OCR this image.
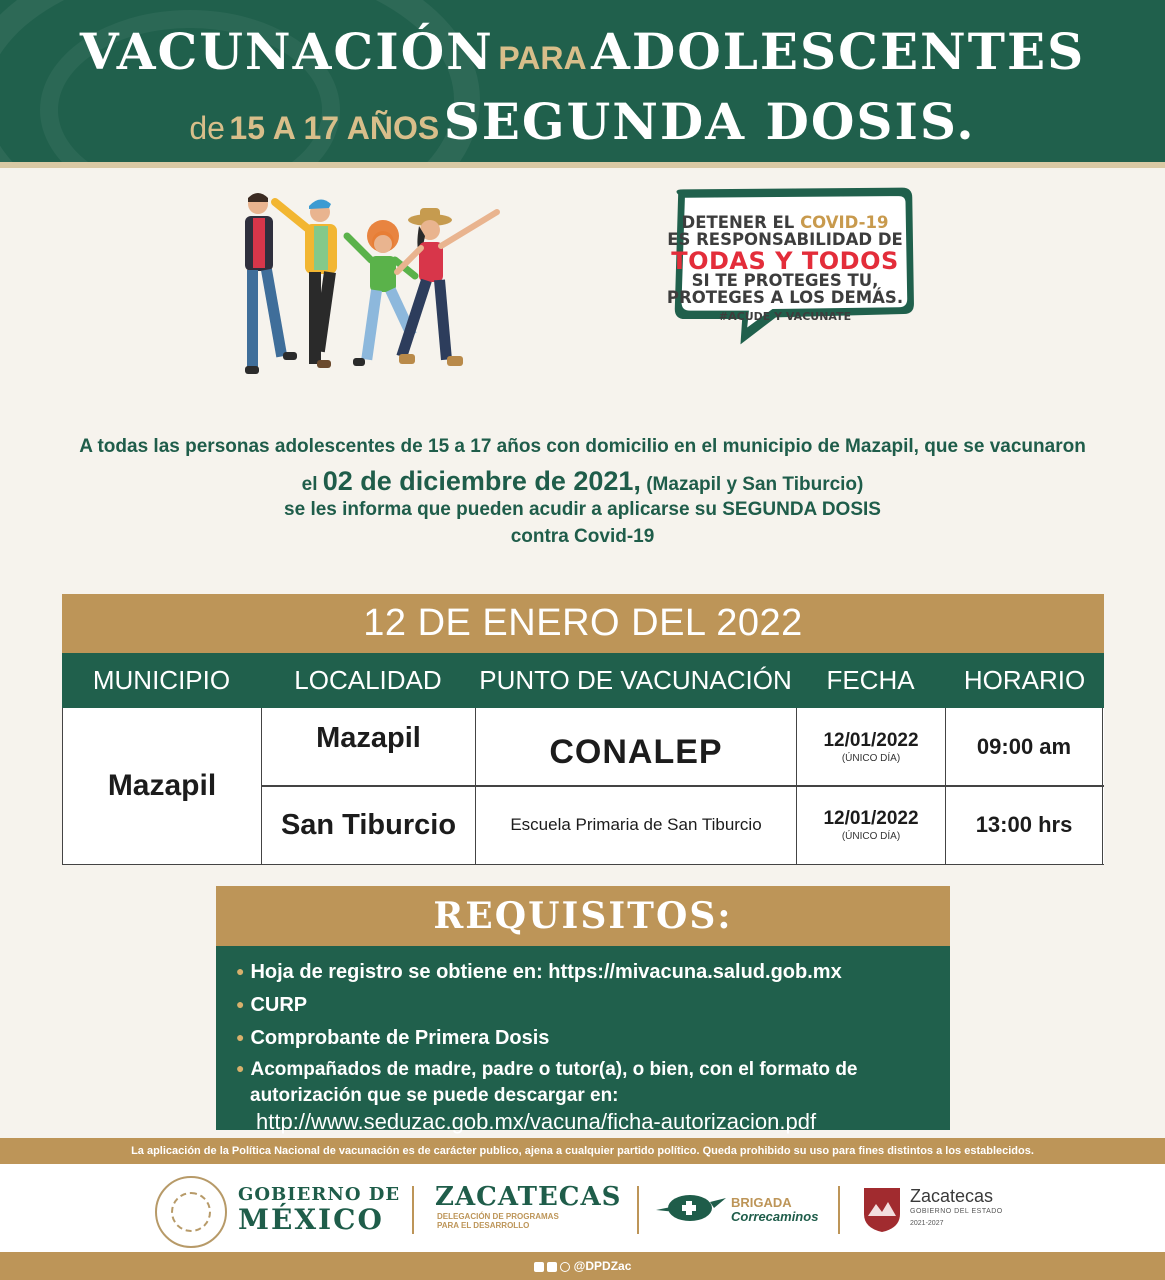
VACUNACIÓN PARA ADOLESCENTES
de 15 A 17 AÑOS SEGUNDA DOSIS.
DETENER EL COVID-19
ES RESPONSABILIDAD DE
TODAS Y TODOS
SI TE PROTEGES TU,
PROTEGES A LOS DEMÁS.
#ACUDE Y VACUNATE

A todas las personas adolescentes de 15 a 17 años con domicilio en el municipio de Mazapil, que se vacunaron

el 02 de diciembre de 2021, (Mazapil y San Tiburcio)

se les informa que pueden acudir a aplicarse su SEGUNDA DOSIS

contra Covid-19

12 DE ENERO DEL 2022
MUNICIPIO	LOCALIDAD	PUNTO DE VACUNACIÓN	FECHA	HORARIO
Mazapil
Mazapil	CONALEP	12/01/2022
(ÚNICO DÍA)	09:00 am
San Tiburcio	Escuela Primaria de San Tiburcio	12/01/2022
(ÚNICO DÍA)	13:00 hrs
REQUISITOS:
● Hoja de registro se obtiene en: https://mivacuna.salud.gob.mx
● CURP
● Comprobante de Primera Dosis
● Acompañados de madre, padre o tutor(a), o bien, con el formato de autorización que se puede descargar en:
http://www.seduzac.gob.mx/vacuna/ficha-autorizacion.pdf
La aplicación de la Política Nacional de vacunación es de carácter publico, ajena a cualquier partido político. Queda prohibido su uso para fines distintos a los establecidos.
GOBIERNO DE
MÉXICO
ZACATECAS
DELEGACIÓN DE PROGRAMAS
PARA EL DESARROLLO
BRIGADA
Correcaminos
Zacatecas
GOBIERNO DEL ESTADO
2021-2027
@DPDZac
